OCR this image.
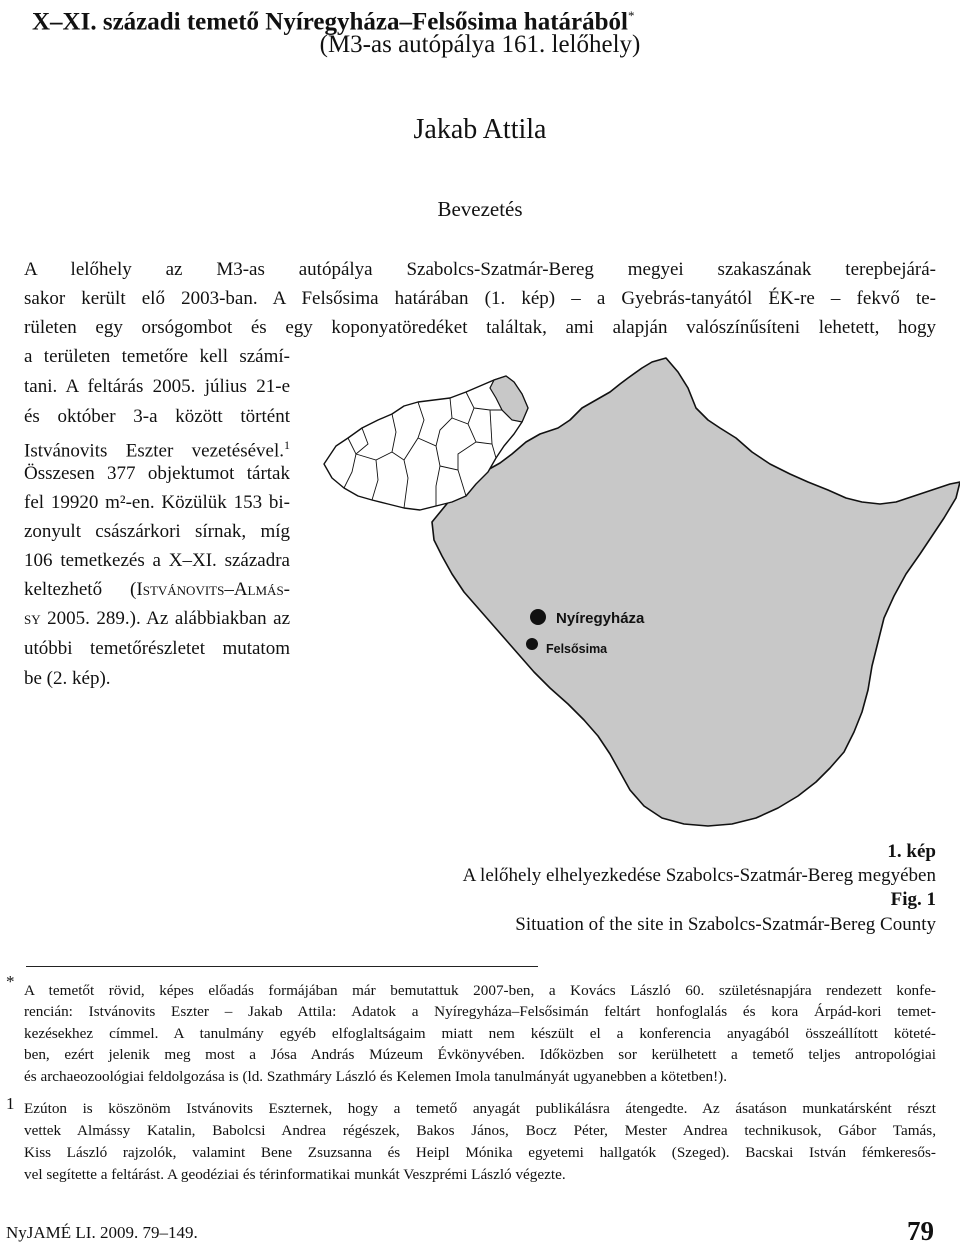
X–XI. századi temető Nyíregyháza–Felsősima határából*
(M3-as autópálya 161. lelőhely)
Jakab Attila
Bevezetés
A lelőhely az M3-as autópálya Szabolcs-Szatmár-Bereg megyei szakaszának terepbejárá-
sakor került elő 2003-ban. A Felsősima határában (1. kép) – a Gyebrás-tanyától ÉK-re – fekvő te-
rületen egy orsógombot és egy koponyatöredéket találtak, ami alapján valószínűsíteni lehetett, hogy
a területen temetőre kell számí-
tani. A feltárás 2005. július 21-e
és október 3-a között történt
Istvánovits Eszter vezetésével.$^1$
Összesen 377 objektumot tártak
fel 19920 m²-en. Közülük 153 bi-
zonyult császárkori sírnak, míg
106 temetkezés a X–XI. századra
keltezhető (Istvánovits–Almás-
sy 2005. 289.). Az alábbiakban az
utóbbi temetőrészletet mutatom
be (2. kép).
Nyíregyháza
Felsősima
1. kép
A lelőhely elhelyezkedése Szabolcs-Szatmár-Bereg megyében
Fig. 1
Situation of the site in Szabolcs-Szatmár-Bereg County
* A temetőt rövid, képes előadás formájában már bemutattuk 2007-ben, a Kovács László 60. születésnapjára rendezett konfe-
rencián: Istvánovits Eszter – Jakab Attila: Adatok a Nyíregyháza–Felsősimán feltárt honfoglalás és kora Árpád-kori temet-
kezésekhez címmel. A tanulmány egyéb elfoglaltságaim miatt nem készült el a konferencia anyagából összeállított köteté-
ben, ezért jelenik meg most a Jósa András Múzeum Évkönyvében. Időközben sor kerülhetett a temető teljes antropológiai
és archaeozoológiai feldolgozása is (ld. Szathmáry László és Kelemen Imola tanulmányát ugyanebben a kötetben!).
1 Ezúton is köszönöm Istvánovits Eszternek, hogy a temető anyagát publikálásra átengedte. Az ásatáson munkatársként részt
vettek Almássy Katalin, Babolcsi Andrea régészek, Bakos János, Bocz Péter, Mester Andrea technikusok, Gábor Tamás,
Kiss László rajzolók, valamint Bene Zsuzsanna és Heipl Mónika egyetemi hallgatók (Szeged). Bacskai István fémkeresős-
vel segítette a feltárást. A geodéziai és térinformatikai munkát Veszprémi László végezte.
NyJAMÉ LI. 2009. 79–149.	79
